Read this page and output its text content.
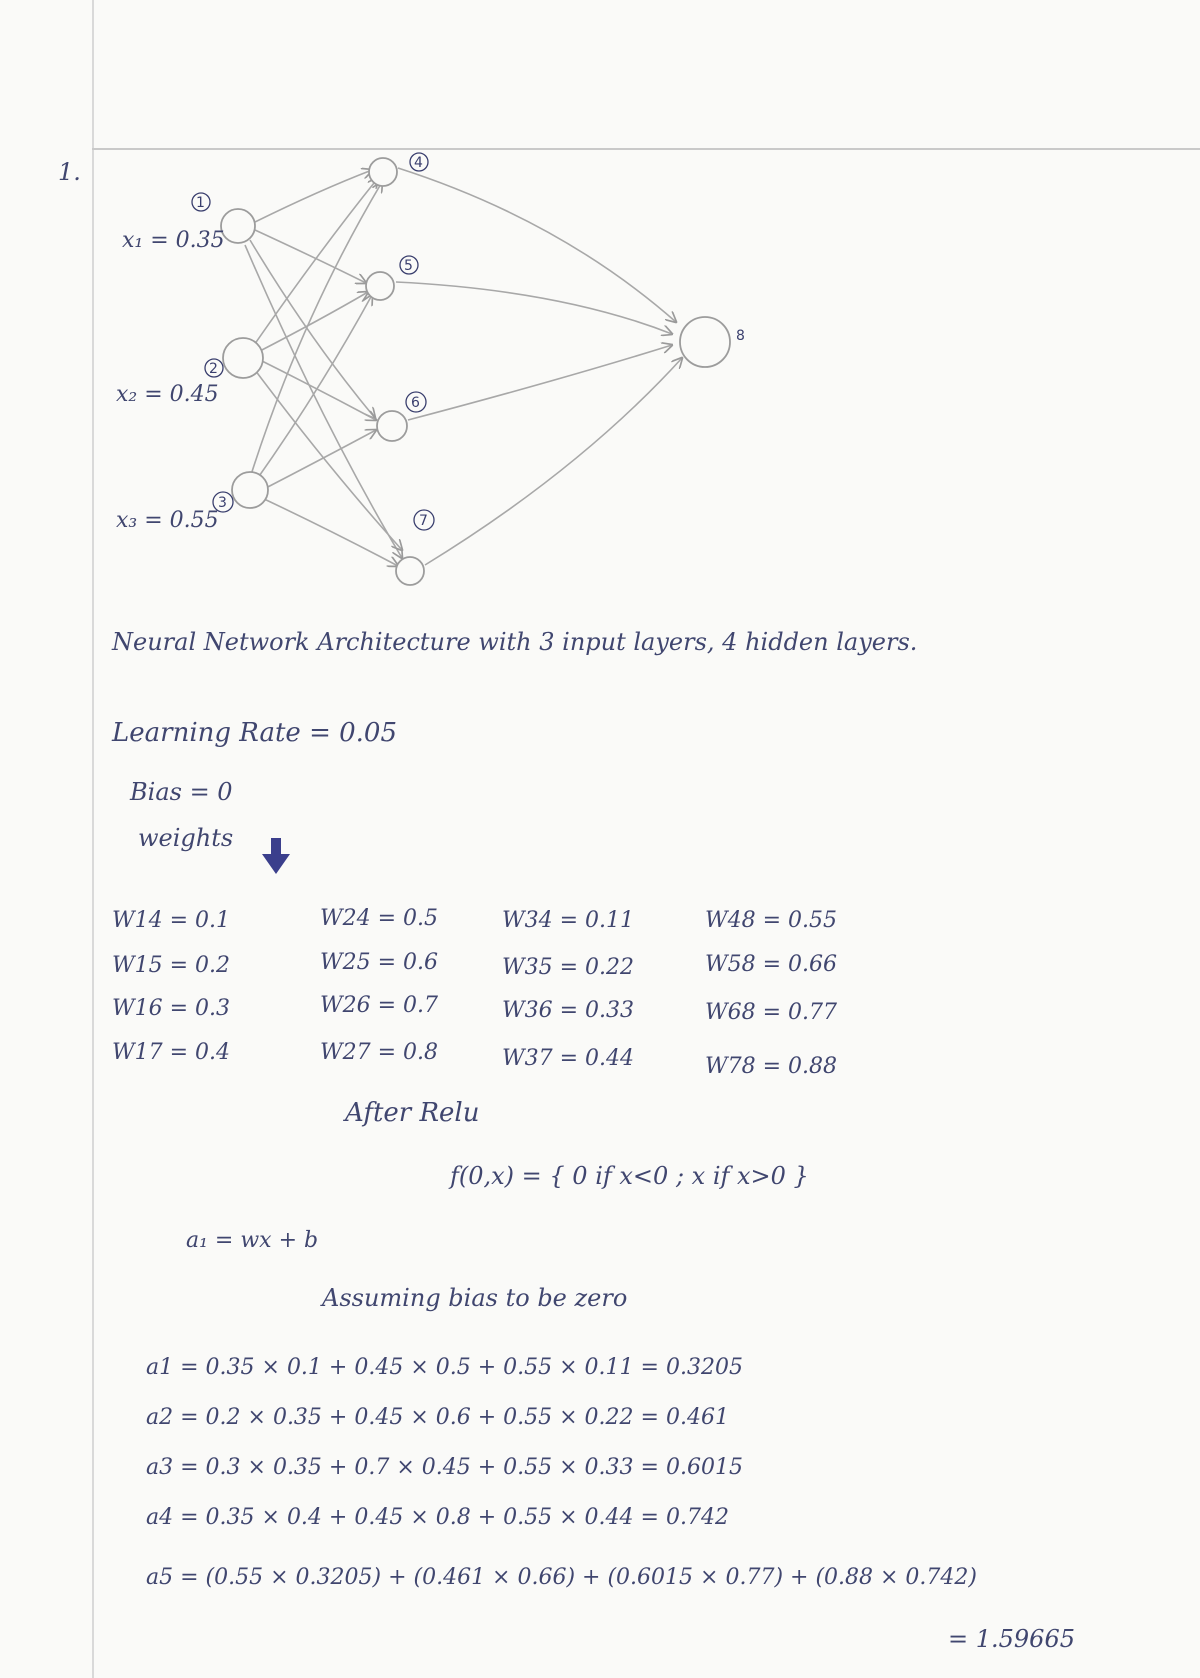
1.
1
2
3
4
5
6
7
8
x₁ = 0.35
x₂ = 0.45
x₃ = 0.55
Neural Network Architecture with 3 input layers, 4 hidden layers.
Learning Rate = 0.05
Bias = 0
weights
W14 = 0.1
W15 = 0.2
W16 = 0.3
W17 = 0.4
W24 = 0.5
W25 = 0.6
W26 = 0.7
W27 = 0.8
W34 = 0.11
W35 = 0.22
W36 = 0.33
W37 = 0.44
W48 = 0.55
W58 = 0.66
W68 = 0.77
W78 = 0.88
After Relu
f(0,x) = { 0 if x<0 ; x if x>0 }
a₁ = wx + b
Assuming bias to be zero
a1 = 0.35 × 0.1 + 0.45 × 0.5 + 0.55 × 0.11 = 0.3205
a2 = 0.2 × 0.35 + 0.45 × 0.6 + 0.55 × 0.22 = 0.461
a3 = 0.3 × 0.35 + 0.7 × 0.45 + 0.55 × 0.33 = 0.6015
a4 = 0.35 × 0.4 + 0.45 × 0.8 + 0.55 × 0.44 = 0.742
a5 = (0.55 × 0.3205) + (0.461 × 0.66) + (0.6015 × 0.77) + (0.88 × 0.742)
= 1.59665
